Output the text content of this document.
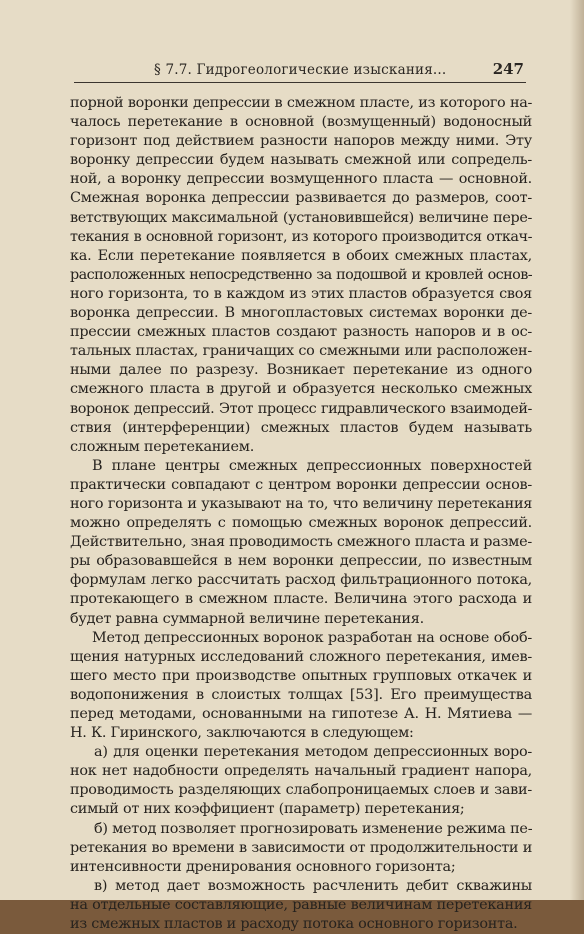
§ 7.7. Гидрогеологические изыскания...	247
порной воронки депрессии в смежном пласте, из которого на-
чалось перетекание в основной (возмущенный) водоносный
горизонт под действием разности напоров между ними. Эту
воронку депрессии будем называть смежной или сопредель-
ной, а воронку депрессии возмущенного пласта — основной.
Смежная воронка депрессии развивается до размеров, соот-
ветствующих максимальной (установившейся) величине пере-
текания в основной горизонт, из которого производится откач-
ка. Если перетекание появляется в обоих смежных пластах,
расположенных непосредственно за подошвой и кровлей основ-
ного горизонта, то в каждом из этих пластов образуется своя
воронка депрессии. В многопластовых системах воронки де-
прессии смежных пластов создают разность напоров и в ос-
тальных пластах, граничащих со смежными или расположен-
ными далее по разрезу. Возникает перетекание из одного
смежного пласта в другой и образуется несколько смежных
воронок депрессий. Этот процесс гидравлического взаимодей-
ствия (интерференции) смежных пластов будем называть
сложным перетеканием.
В плане центры смежных депрессионных поверхностей
практически совпадают с центром воронки депрессии основ-
ного горизонта и указывают на то, что величину перетекания
можно определять с помощью смежных воронок депрессий.
Действительно, зная проводимость смежного пласта и разме-
ры образовавшейся в нем воронки депрессии, по известным
формулам легко рассчитать расход фильтрационного потока,
протекающего в смежном пласте. Величина этого расхода и
будет равна суммарной величине перетекания.
Метод депрессионных воронок разработан на основе обоб-
щения натурных исследований сложного перетекания, имев-
шего место при производстве опытных групповых откачек и
водопонижения в слоистых толщах [53]. Его преимущества
перед методами, основанными на гипотезе А. Н. Мятиева —
Н. К. Гиринского, заключаются в следующем:
а) для оценки перетекания методом депрессионных воро-
нок нет надобности определять начальный градиент напора,
проводимость разделяющих слабопроницаемых слоев и зави-
симый от них коэффициент (параметр) перетекания;
б) метод позволяет прогнозировать изменение режима пе-
ретекания во времени в зависимости от продолжительности и
интенсивности дренирования основного горизонта;
в) метод дает возможность расчленить дебит скважины
на отдельные составляющие, равные величинам перетекания
из смежных пластов и расходу потока основного горизонта.
